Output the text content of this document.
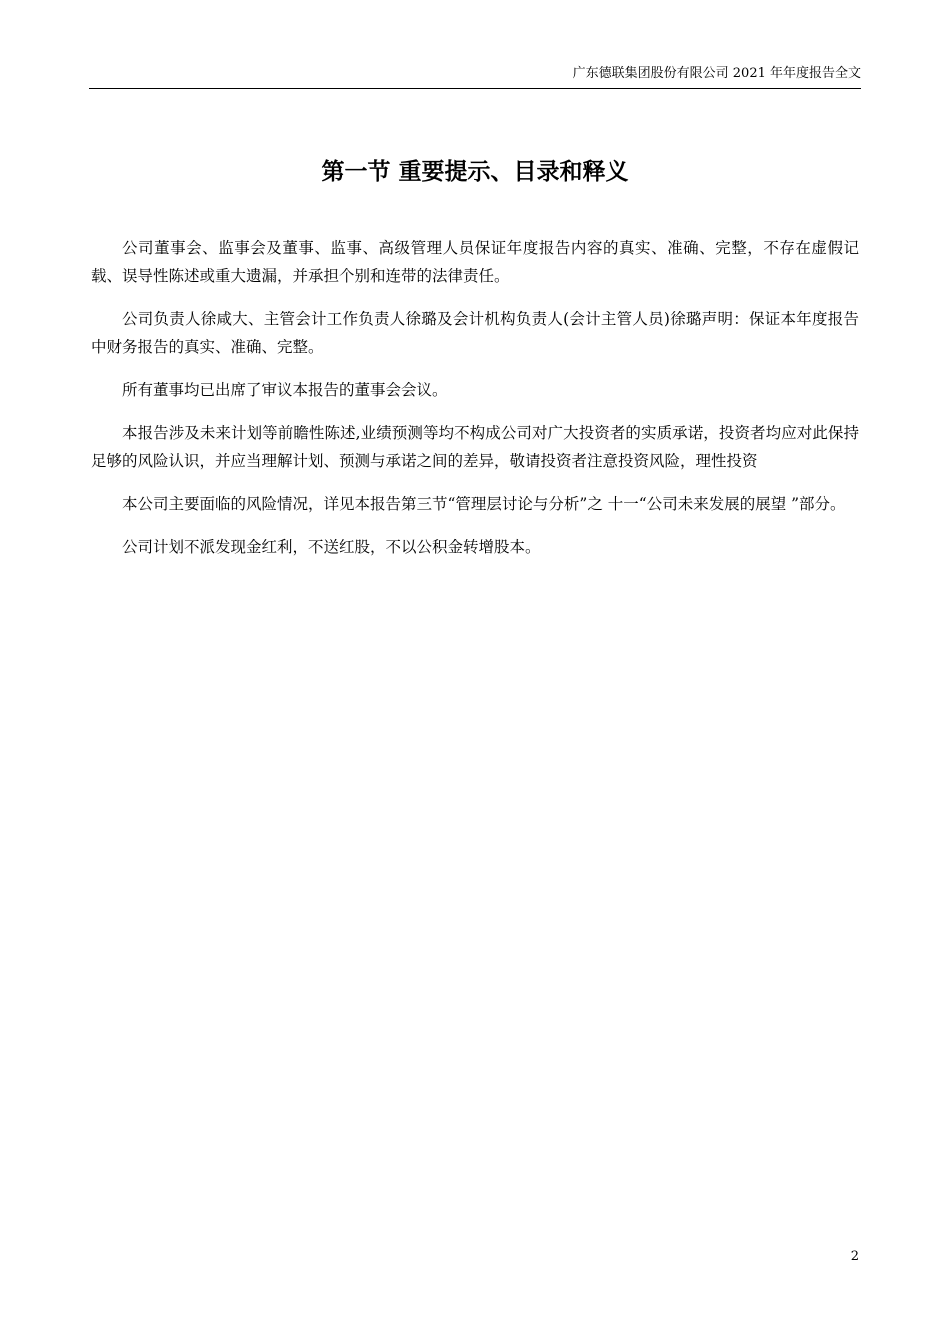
广东德联集团股份有限公司 2021 年年度报告全文
第一节 重要提示、目录和释义

公司董事会、监事会及董事、监事、高级管理人员保证年度报告内容的真实、准确、完整，不存在虚假记载、误导性陈述或重大遗漏，并承担个别和连带的法律责任。

公司负责人徐咸大、主管会计工作负责人徐璐及会计机构负责人(会计主管人员)徐璐声明：保证本年度报告中财务报告的真实、准确、完整。

所有董事均已出席了审议本报告的董事会会议。

本报告涉及未来计划等前瞻性陈述,业绩预测等均不构成公司对广大投资者的实质承诺，投资者均应对此保持足够的风险认识，并应当理解计划、预测与承诺之间的差异，敬请投资者注意投资风险，理性投资

本公司主要面临的风险情况，详见本报告第三节“管理层讨论与分析”之 十一“公司未来发展的展望 ”部分。

公司计划不派发现金红利，不送红股，不以公积金转增股本。

2
